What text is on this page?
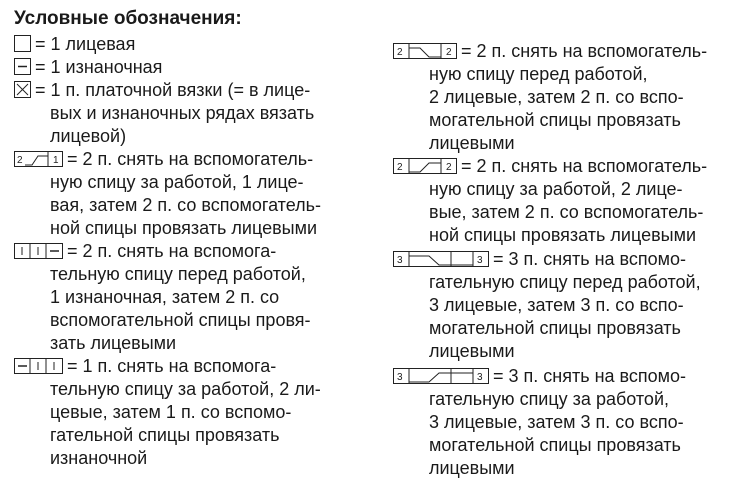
Условные обозначения:
= 1 лицевая
= 1 изнаночная
= 1 п. платочной вязки (= в лице-
вых и изнаночных рядах вязать
лицевой)
2	1 = 2 п. снять на вспомогатель-
ную спицу за работой, 1 лице-
вая, затем 2 п. со вспомогатель-
ной спицы провязать лицевыми
= 2 п. снять на вспомога-
тельную спицу перед работой,
1 изнаночная, затем 2 п. со
вспомогательной спицы провя-
зать лицевыми
= 1 п. снять на вспомога-
тельную спицу за работой, 2 ли-
цевые, затем 1 п. со вспомо-
гательной спицы провязать
изнаночной
2	2 = 2 п. снять на вспомогатель-
ную спицу перед работой,
2 лицевые, затем 2 п. со вспо-
могательной спицы провязать
лицевыми
2	2 = 2 п. снять на вспомогатель-
ную спицу за работой, 2 лице-
вые, затем 2 п. со вспомогатель-
ной спицы провязать лицевыми
3	3 = 3 п. снять на вспомо-
гательную спицу перед работой,
3 лицевые, затем 3 п. со вспо-
могательной спицы провязать
лицевыми
3	3 = 3 п. снять на вспомо-
гательную спицу за работой,
3 лицевые, затем 3 п. со вспо-
могательной спицы провязать
лицевыми
